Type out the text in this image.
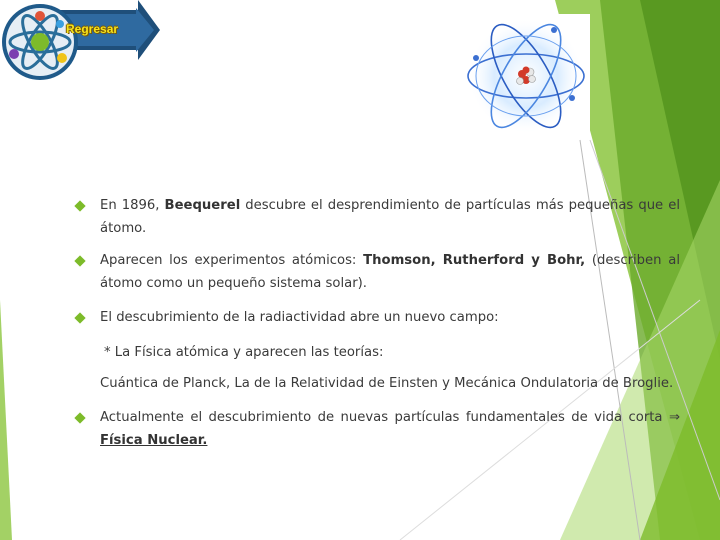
Regresar
En 1896, Beequerel descubre el desprendimiento de partículas más pequeñas que el átomo.
Aparecen los experimentos atómicos: Thomson, Rutherford y Bohr, (describen al átomo como un pequeño sistema solar).
El descubrimiento de la radiactividad abre un nuevo campo:
* La Física atómica y aparecen las teorías:
Cuántica de Planck, La de la Relatividad de Einsten y Mecánica Ondulatoria de Broglie.
Actualmente el descubrimiento de nuevas partículas fundamentales de vida corta ⇒ Física Nuclear.
